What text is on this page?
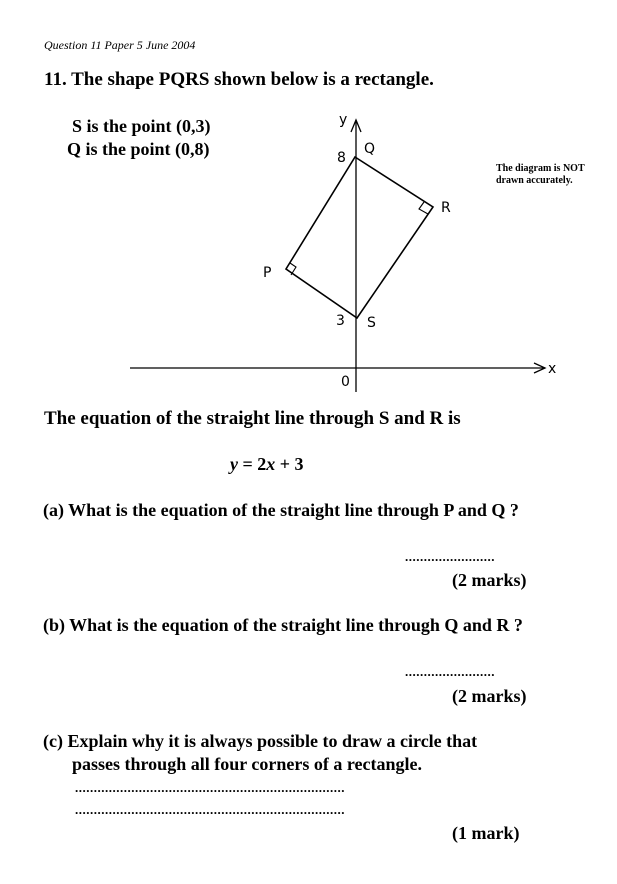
Question 11 Paper 5 June 2004
11. The shape PQRS shown below is a rectangle.
S is the point (0,3)
Q is the point (0,8)
y
x
0
8
3
Q
R
P
S
The diagram is NOT drawn accurately.
The equation of the straight line through S and R is
y = 2x + 3
(a) What is the equation of the straight line through P and Q ?
........................
(2 marks)
(b) What is the equation of the straight line through Q and R ?
........................
(2 marks)
(c) Explain why it is always possible to draw a circle that
passes through all four corners of a rectangle.
........................................................................
........................................................................
(1 mark)
